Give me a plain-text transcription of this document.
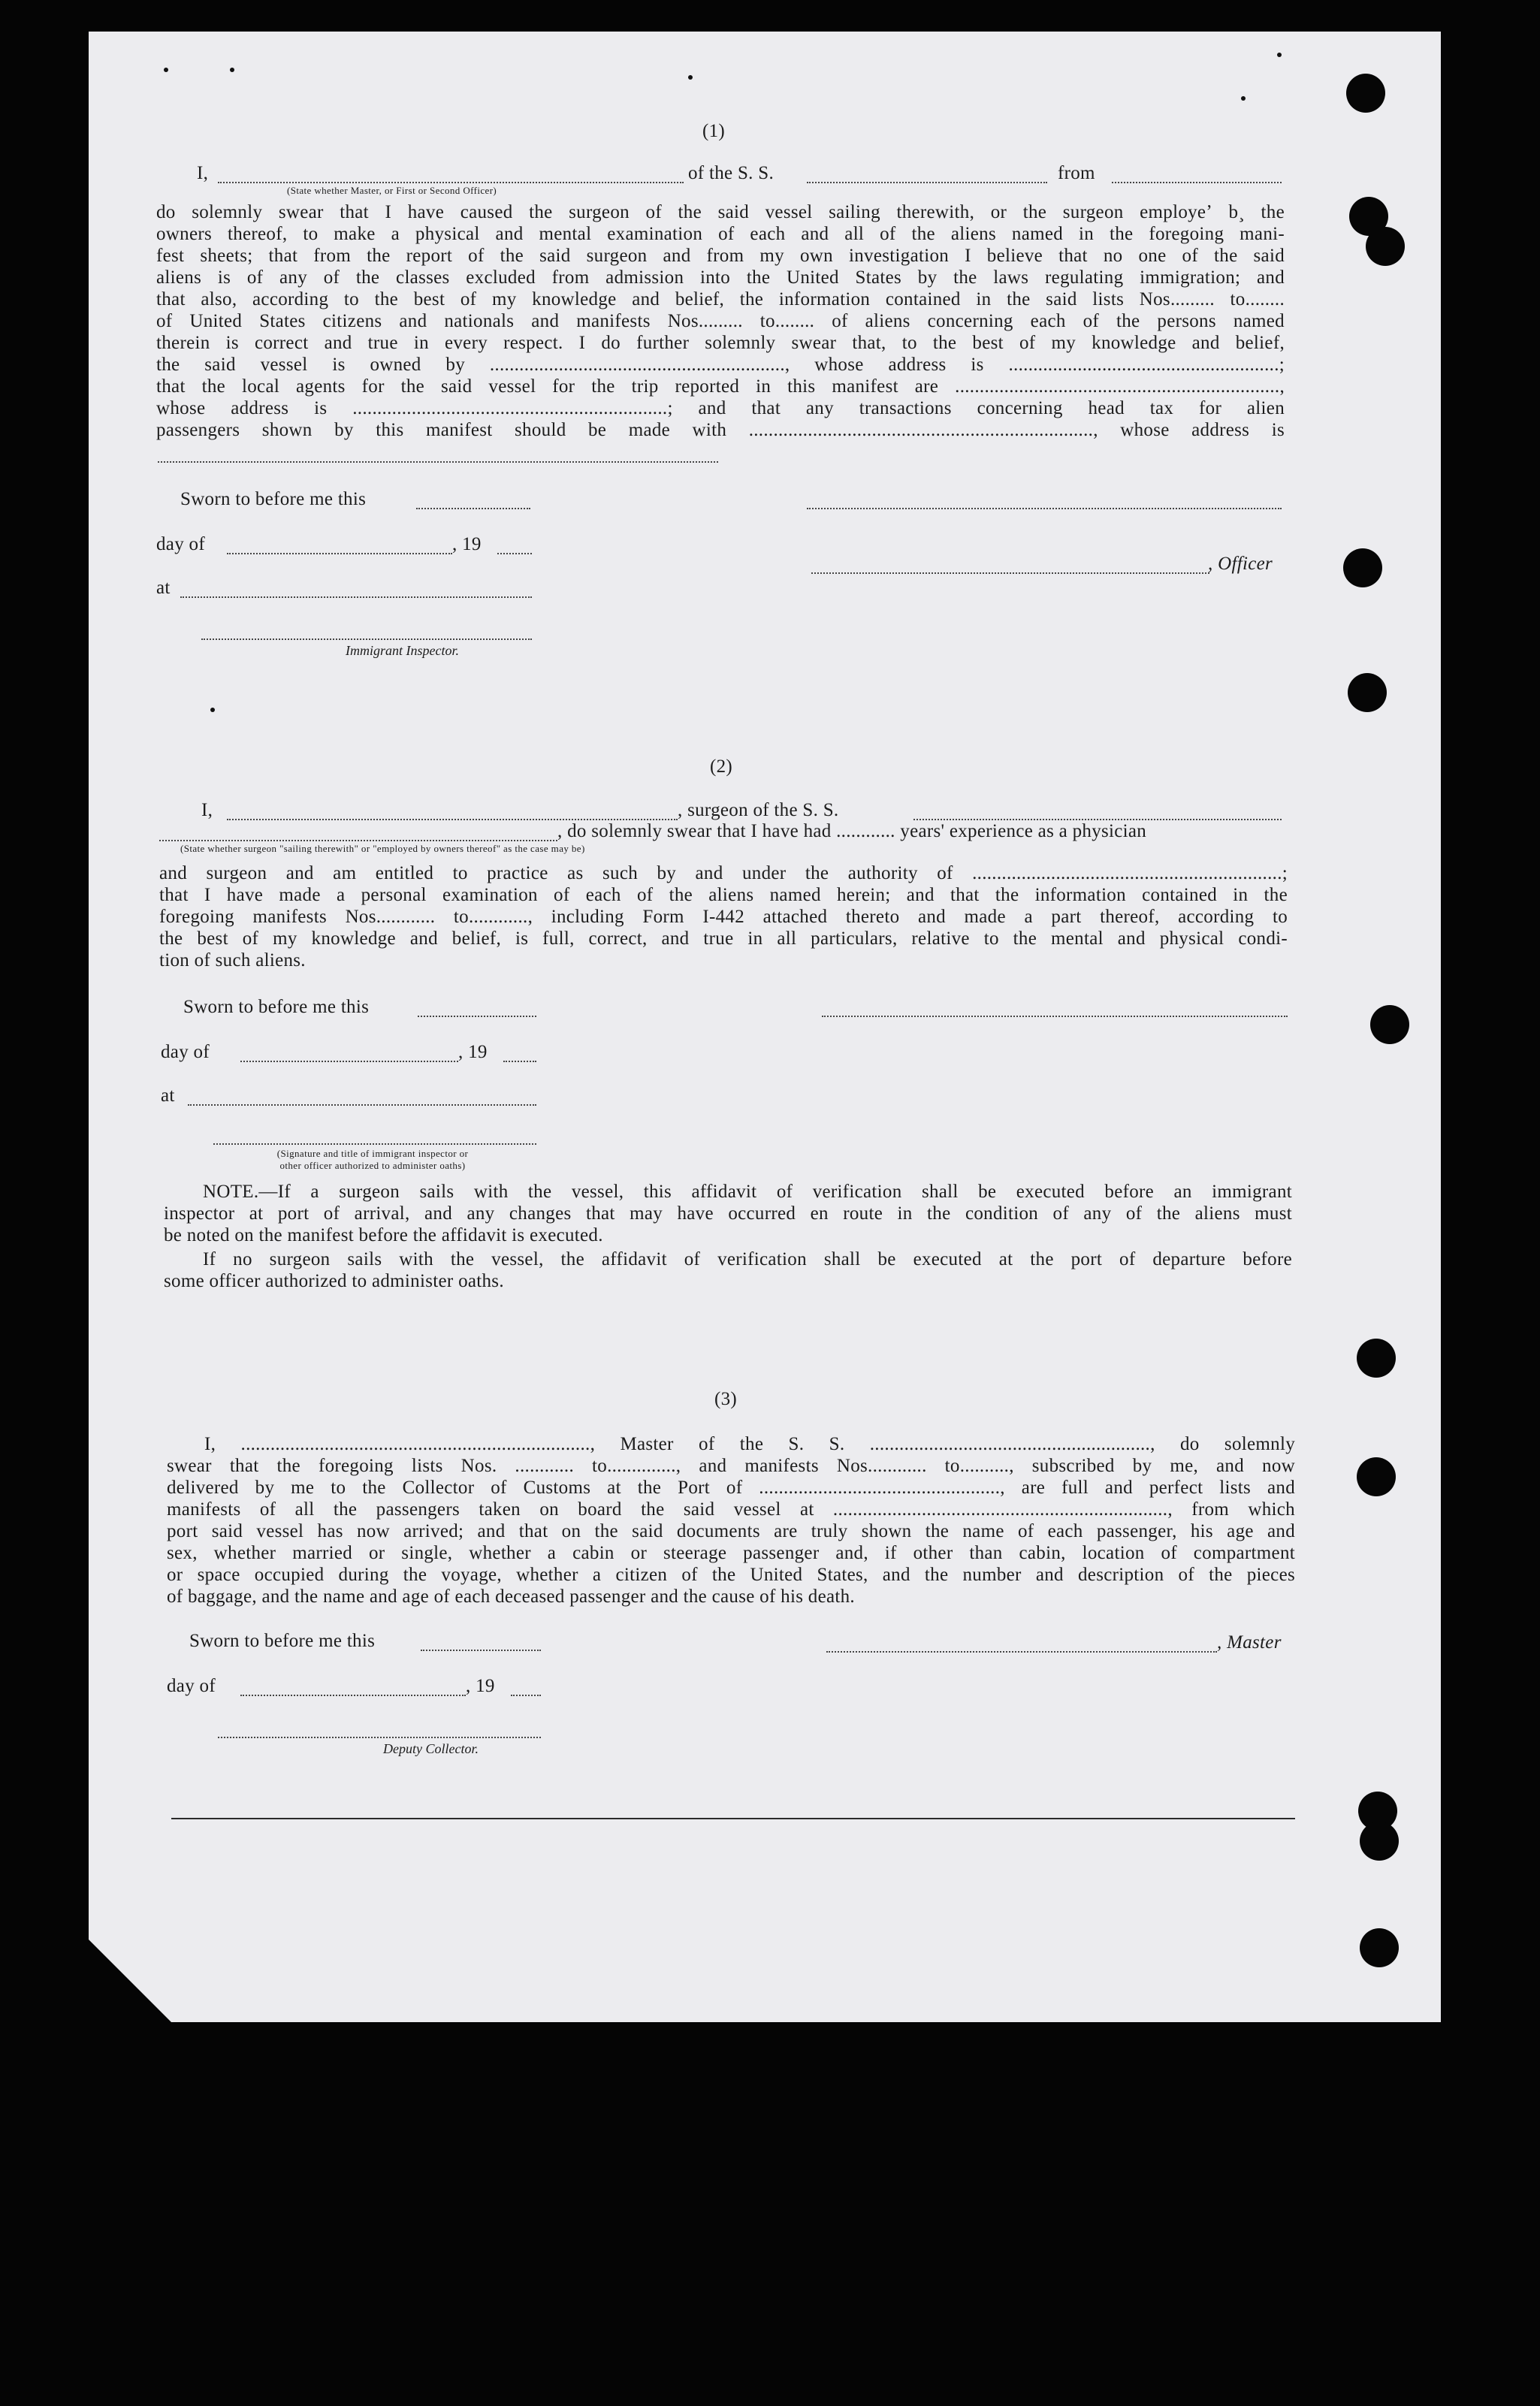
(1)
I,	of the S. S.	from
(State whether Master, or First or Second Officer)
do solemnly swear that I have caused the surgeon of the said vessel sailing therewith, or the surgeon employeʼ b¸ the
owners thereof, to make a physical and mental examination of each and all of the aliens named in the foregoing mani-
fest sheets; that from the report of the said surgeon and from my own investigation I believe that no one of the said
aliens is of any of the classes excluded from admission into the United States by the laws regulating immigration; and
that also, according to the best of my knowledge and belief, the information contained in the said lists Nos......... to........
of United States citizens and nationals and manifests Nos......... to........ of aliens concerning each of the persons named
therein is correct and true in every respect. I do further solemnly swear that, to the best of my knowledge and belief,
the said vessel is owned by ............................................................, whose address is .......................................................;
that the local agents for the said vessel for the trip reported in this manifest are ..................................................................,
whose address is ................................................................; and that any transactions concerning head tax for alien
passengers shown by this manifest should be made with ......................................................................, whose address is
Sworn to before me this
day of	, 19
, Officer
at
Immigrant Inspector.
(2)
I,	, surgeon of the S. S.
, do solemnly swear that I have had ............ years' experience as a physician
(State whether surgeon "sailing therewith" or "employed by owners thereof" as the case may be)
and surgeon and am entitled to practice as such by and under the authority of ...............................................................;
that I have made a personal examination of each of the aliens named herein; and that the information contained in the
foregoing manifests Nos............ to............, including Form I-442 attached thereto and made a part thereof, according to
the best of my knowledge and belief, is full, correct, and true in all particulars, relative to the mental and physical condi-
tion of such aliens.
Sworn to before me this
day of	, 19
at
(Signature and title of immigrant inspector or
other officer authorized to administer oaths)
NOTE.—If a surgeon sails with the vessel, this affidavit of verification shall be executed before an immigrant
inspector at port of arrival, and any changes that may have occurred en route in the condition of any of the aliens must
be noted on the manifest before the affidavit is executed.
If no surgeon sails with the vessel, the affidavit of verification shall be executed at the port of departure before
some officer authorized to administer oaths.
(3)
I, ......................................................................., Master of the S. S. ........................................................., do solemnly
swear that the foregoing lists Nos. ............ to.............., and manifests Nos............ to.........., subscribed by me, and now
delivered by me to the Collector of Customs at the Port of ................................................., are full and perfect lists and
manifests of all the passengers taken on board the said vessel at ...................................................................., from which
port said vessel has now arrived; and that on the said documents are truly shown the name of each passenger, his age and
sex, whether married or single, whether a cabin or steerage passenger and, if other than cabin, location of compartment
or space occupied during the voyage, whether a citizen of the United States, and the number and description of the pieces
of baggage, and the name and age of each deceased passenger and the cause of his death.
Sworn to before me this	, Master
day of	, 19
Deputy Collector.
